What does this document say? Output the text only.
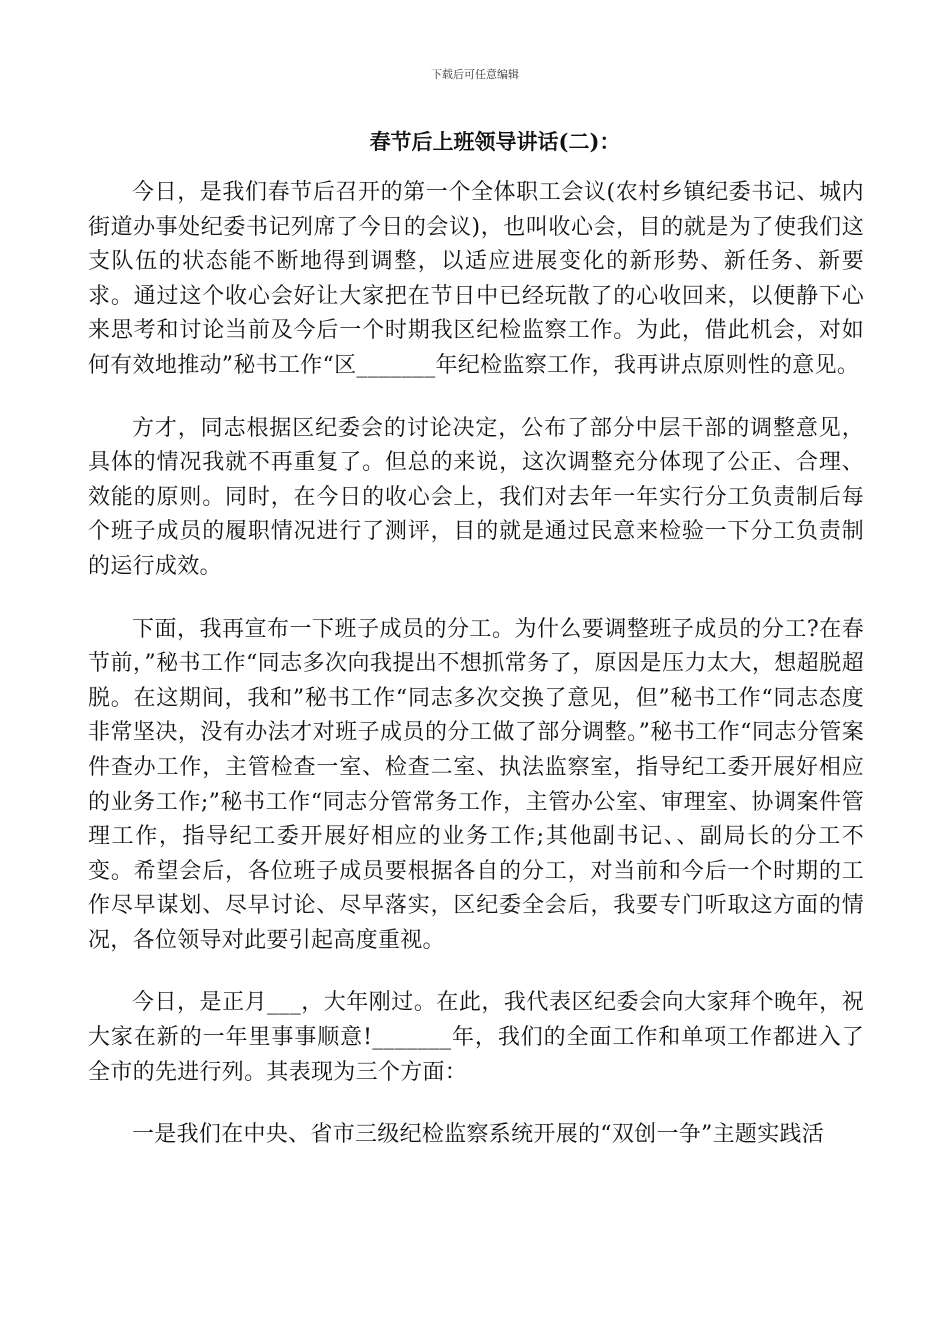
下载后可任意编辑
春节后上班领导讲话(二)：

今日，是我们春节后召开的第一个全体职工会议(农村乡镇纪委书记、城内街道办事处纪委书记列席了今日的会议)，也叫收心会，目的就是为了使我们这支队伍的状态能不断地得到调整，以适应进展变化的新形势、新任务、新要求。通过这个收心会好让大家把在节日中已经玩散了的心收回来，以便静下心来思考和讨论当前及今后一个时期我区纪检监察工作。为此，借此机会，对如何有效地推动”秘书工作“区_______年纪检监察工作，我再讲点原则性的意见。

方才，同志根据区纪委会的讨论决定，公布了部分中层干部的调整意见，具体的情况我就不再重复了。但总的来说，这次调整充分体现了公正、合理、效能的原则。同时，在今日的收心会上，我们对去年一年实行分工负责制后每个班子成员的履职情况进行了测评，目的就是通过民意来检验一下分工负责制的运行成效。

下面，我再宣布一下班子成员的分工。为什么要调整班子成员的分工?在春节前，”秘书工作“同志多次向我提出不想抓常务了，原因是压力太大，想超脱超脱。在这期间，我和”秘书工作“同志多次交换了意见，但”秘书工作“同志态度非常坚决，没有办法才对班子成员的分工做了部分调整。”秘书工作“同志分管案件查办工作，主管检查一室、检查二室、执法监察室，指导纪工委开展好相应的业务工作;”秘书工作“同志分管常务工作，主管办公室、审理室、协调案件管理工作，指导纪工委开展好相应的业务工作;其他副书记、、副局长的分工不变。希望会后，各位班子成员要根据各自的分工，对当前和今后一个时期的工作尽早谋划、尽早讨论、尽早落实，区纪委全会后，我要专门听取这方面的情况，各位领导对此要引起高度重视。

今日，是正月___，大年刚过。在此，我代表区纪委会向大家拜个晚年，祝大家在新的一年里事事顺意!_______年，我们的全面工作和单项工作都进入了全市的先进行列。其表现为三个方面：

一是我们在中央、省市三级纪检监察系统开展的“双创一争”主题实践活
